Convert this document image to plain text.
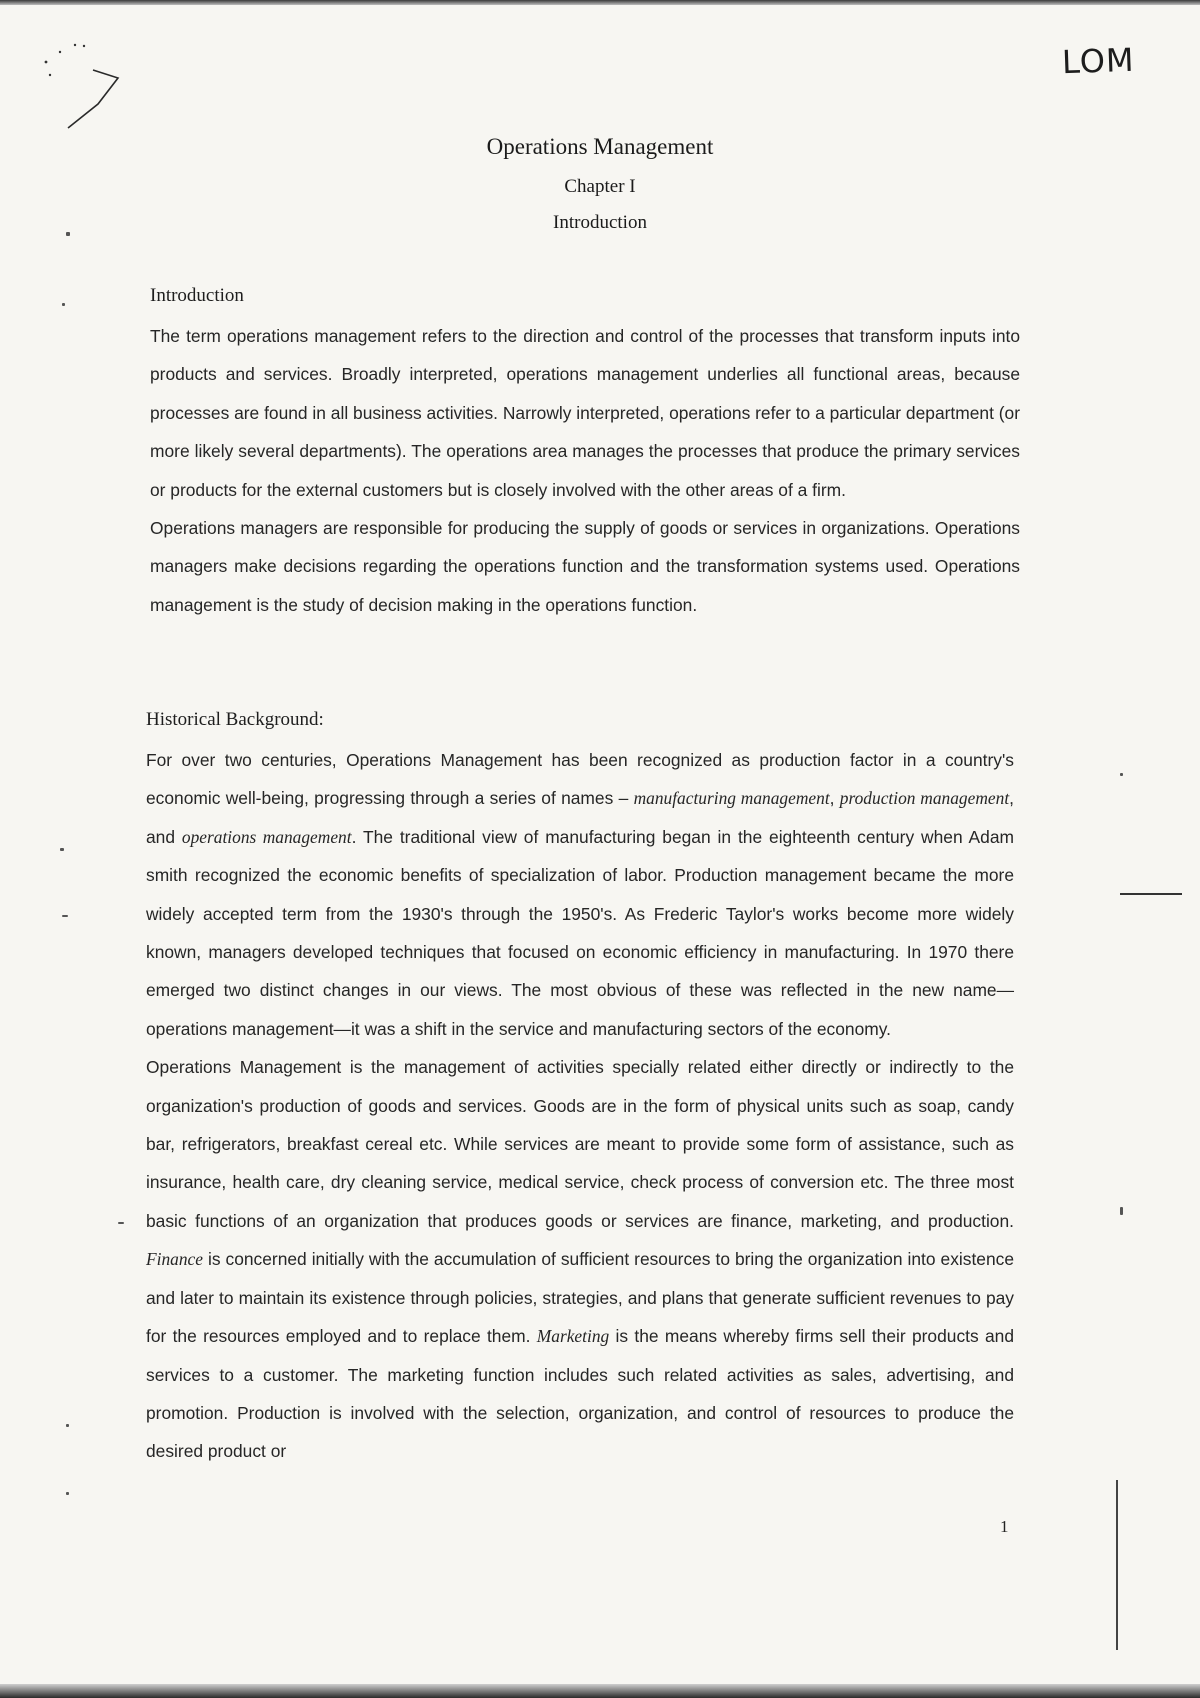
LOM
Operations Management
Chapter I
Introduction
Introduction

The term operations management refers to the direction and control of the processes that transform inputs into products and services. Broadly interpreted, operations management underlies all functional areas, because processes are found in all business activities. Narrowly interpreted, operations refer to a particular department (or more likely several departments). The operations area manages the processes that produce the primary services or products for the external customers but is closely involved with the other areas of a firm.

Operations managers are responsible for producing the supply of goods or services in organizations. Operations managers make decisions regarding the operations function and the transformation systems used. Operations management is the study of decision making in the operations function.

Historical Background:

For over two centuries, Operations Management has been recognized as production factor in a country's economic well-being, progressing through a series of names – manufacturing management, production management, and operations management. The traditional view of manufacturing began in the eighteenth century when Adam smith recognized the economic benefits of specialization of labor. Production management became the more widely accepted term from the 1930's through the 1950's. As Frederic Taylor's works become more widely known, managers developed techniques that focused on economic efficiency in manufacturing. In 1970 there emerged two distinct changes in our views. The most obvious of these was reflected in the new name—operations management—it was a shift in the service and manufacturing sectors of the economy.

Operations Management is the management of activities specially related either directly or indirectly to the organization's production of goods and services. Goods are in the form of physical units such as soap, candy bar, refrigerators, breakfast cereal etc. While services are meant to provide some form of assistance, such as insurance, health care, dry cleaning service, medical service, check process of conversion etc. The three most basic functions of an organization that produces goods or services are finance, marketing, and production. Finance is concerned initially with the accumulation of sufficient resources to bring the organization into existence and later to maintain its existence through policies, strategies, and plans that generate sufficient revenues to pay for the resources employed and to replace them. Marketing is the means whereby firms sell their products and services to a customer. The marketing function includes such related activities as sales, advertising, and promotion. Production is involved with the selection, organization, and control of resources to produce the desired product or

1
